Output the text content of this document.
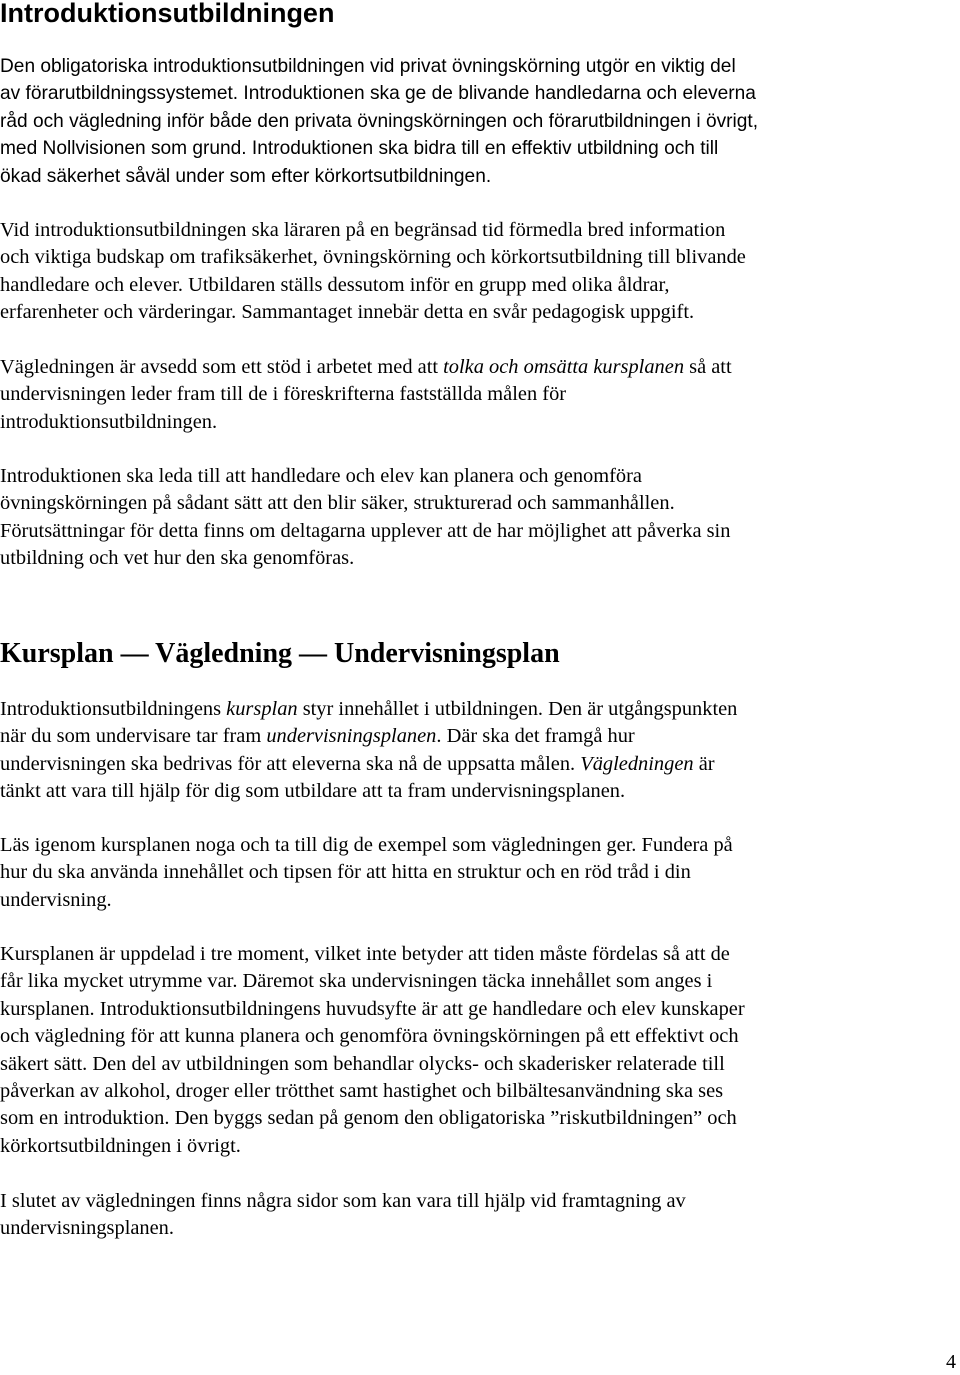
Introduktionsutbildningen

Den obligatoriska introduktionsutbildningen vid privat övningskörning utgör en viktig del
av förarutbildningssystemet. Introduktionen ska ge de blivande handledarna och eleverna
råd och vägledning inför både den privata övningskörningen och förarutbildningen i övrigt,
med Nollvisionen som grund. Introduktionen ska bidra till en effektiv utbildning och till
ökad säkerhet såväl under som efter körkortsutbildningen.

Vid introduktionsutbildningen ska läraren på en begränsad tid förmedla bred information
och viktiga budskap om trafiksäkerhet, övningskörning och körkortsutbildning till blivande
handledare och elever. Utbildaren ställs dessutom inför en grupp med olika åldrar,
erfarenheter och värderingar. Sammantaget innebär detta en svår pedagogisk uppgift.

Vägledningen är avsedd som ett stöd i arbetet med att tolka och omsätta kursplanen så att
undervisningen leder fram till de i föreskrifterna fastställda målen för
introduktionsutbildningen.

Introduktionen ska leda till att handledare och elev kan planera och genomföra
övningskörningen på sådant sätt att den blir säker, strukturerad och sammanhållen.
Förutsättningar för detta finns om deltagarna upplever att de har möjlighet att påverka sin
utbildning och vet hur den ska genomföras.

Kursplan — Vägledning — Undervisningsplan

Introduktionsutbildningens kursplan styr innehållet i utbildningen. Den är utgångspunkten
när du som undervisare tar fram undervisningsplanen. Där ska det framgå hur
undervisningen ska bedrivas för att eleverna ska nå de uppsatta målen. Vägledningen är
tänkt att vara till hjälp för dig som utbildare att ta fram undervisningsplanen.

Läs igenom kursplanen noga och ta till dig de exempel som vägledningen ger. Fundera på
hur du ska använda innehållet och tipsen för att hitta en struktur och en röd tråd i din
undervisning.

Kursplanen är uppdelad i tre moment, vilket inte betyder att tiden måste fördelas så att de
får lika mycket utrymme var. Däremot ska undervisningen täcka innehållet som anges i
kursplanen. Introduktionsutbildningens huvudsyfte är att ge handledare och elev kunskaper
och vägledning för att kunna planera och genomföra övningskörningen på ett effektivt och
säkert sätt. Den del av utbildningen som behandlar olycks- och skaderisker relaterade till
påverkan av alkohol, droger eller trötthet samt hastighet och bilbältesanvändning ska ses
som en introduktion. Den byggs sedan på genom den obligatoriska ”riskutbildningen” och
körkortsutbildningen i övrigt.

I slutet av vägledningen finns några sidor som kan vara till hjälp vid framtagning av
undervisningsplanen.

4
